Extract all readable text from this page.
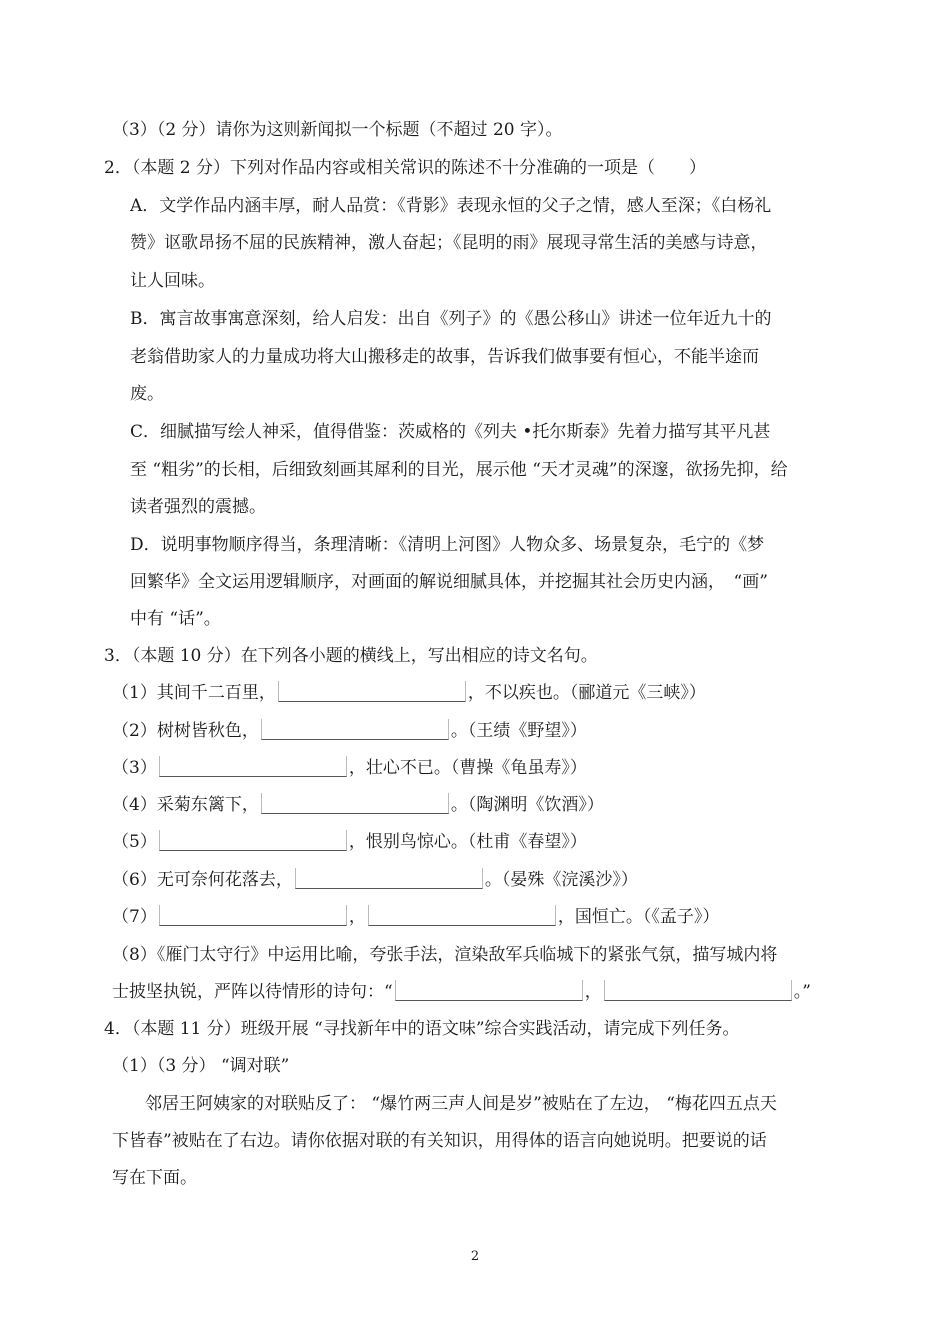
（3）（2 分）请你为这则新闻拟一个标题（不超过 20 字）。
2．（本题 2 分）下列对作品内容或相关常识的陈述不十分准确的一项是（　　）
A．文学作品内涵丰厚，耐人品赏：《背影》表现永恒的父子之情，感人至深；《白杨礼
赞》讴歌昂扬不屈的民族精神，激人奋起；《昆明的雨》展现寻常生活的美感与诗意，
让人回味。
B．寓言故事寓意深刻，给人启发：出自《列子》的《愚公移山》讲述一位年近九十的
老翁借助家人的力量成功将大山搬移走的故事，告诉我们做事要有恒心，不能半途而
废。
C．细腻描写绘人神采，值得借鉴：茨威格的《列夫 •托尔斯泰》先着力描写其平凡甚
至 “粗劣”的长相，后细致刻画其犀利的目光，展示他 “天才灵魂”的深邃，欲扬先抑，给
读者强烈的震撼。
D．说明事物顺序得当，条理清晰：《清明上河图》人物众多、场景复杂，毛宁的《梦
回繁华》全文运用逻辑顺序，对画面的解说细腻具体，并挖掘其社会历史内涵，　“画”
中有 “话”。
3．（本题 10 分）在下列各小题的横线上，写出相应的诗文名句。
（1）其间千二百里，	，不以疾也。（郦道元《三峡》）
（2）树树皆秋色，	。（王绩《野望》）
（3）	，壮心不已。（曹操《龟虽寿》）
（4）采菊东篱下，	。（陶渊明《饮酒》）
（5）	，恨别鸟惊心。（杜甫《春望》）
（6）无可奈何花落去，	。（晏殊《浣溪沙》）
（7）	，	，国恒亡。（《孟子》）
（8）《雁门太守行》中运用比喻，夸张手法，渲染敌军兵临城下的紧张气氛，描写城内将
士披坚执锐，严阵以待情形的诗句：“	，	。”
4．（本题 11 分）班级开展 “寻找新年中的语文味”综合实践活动，请完成下列任务。
（1）（3 分） “调对联”
邻居王阿姨家的对联贴反了： “爆竹两三声人间是岁”被贴在了左边， “梅花四五点天
下皆春”被贴在了右边。请你依据对联的有关知识，用得体的语言向她说明。把要说的话
写在下面。
2
